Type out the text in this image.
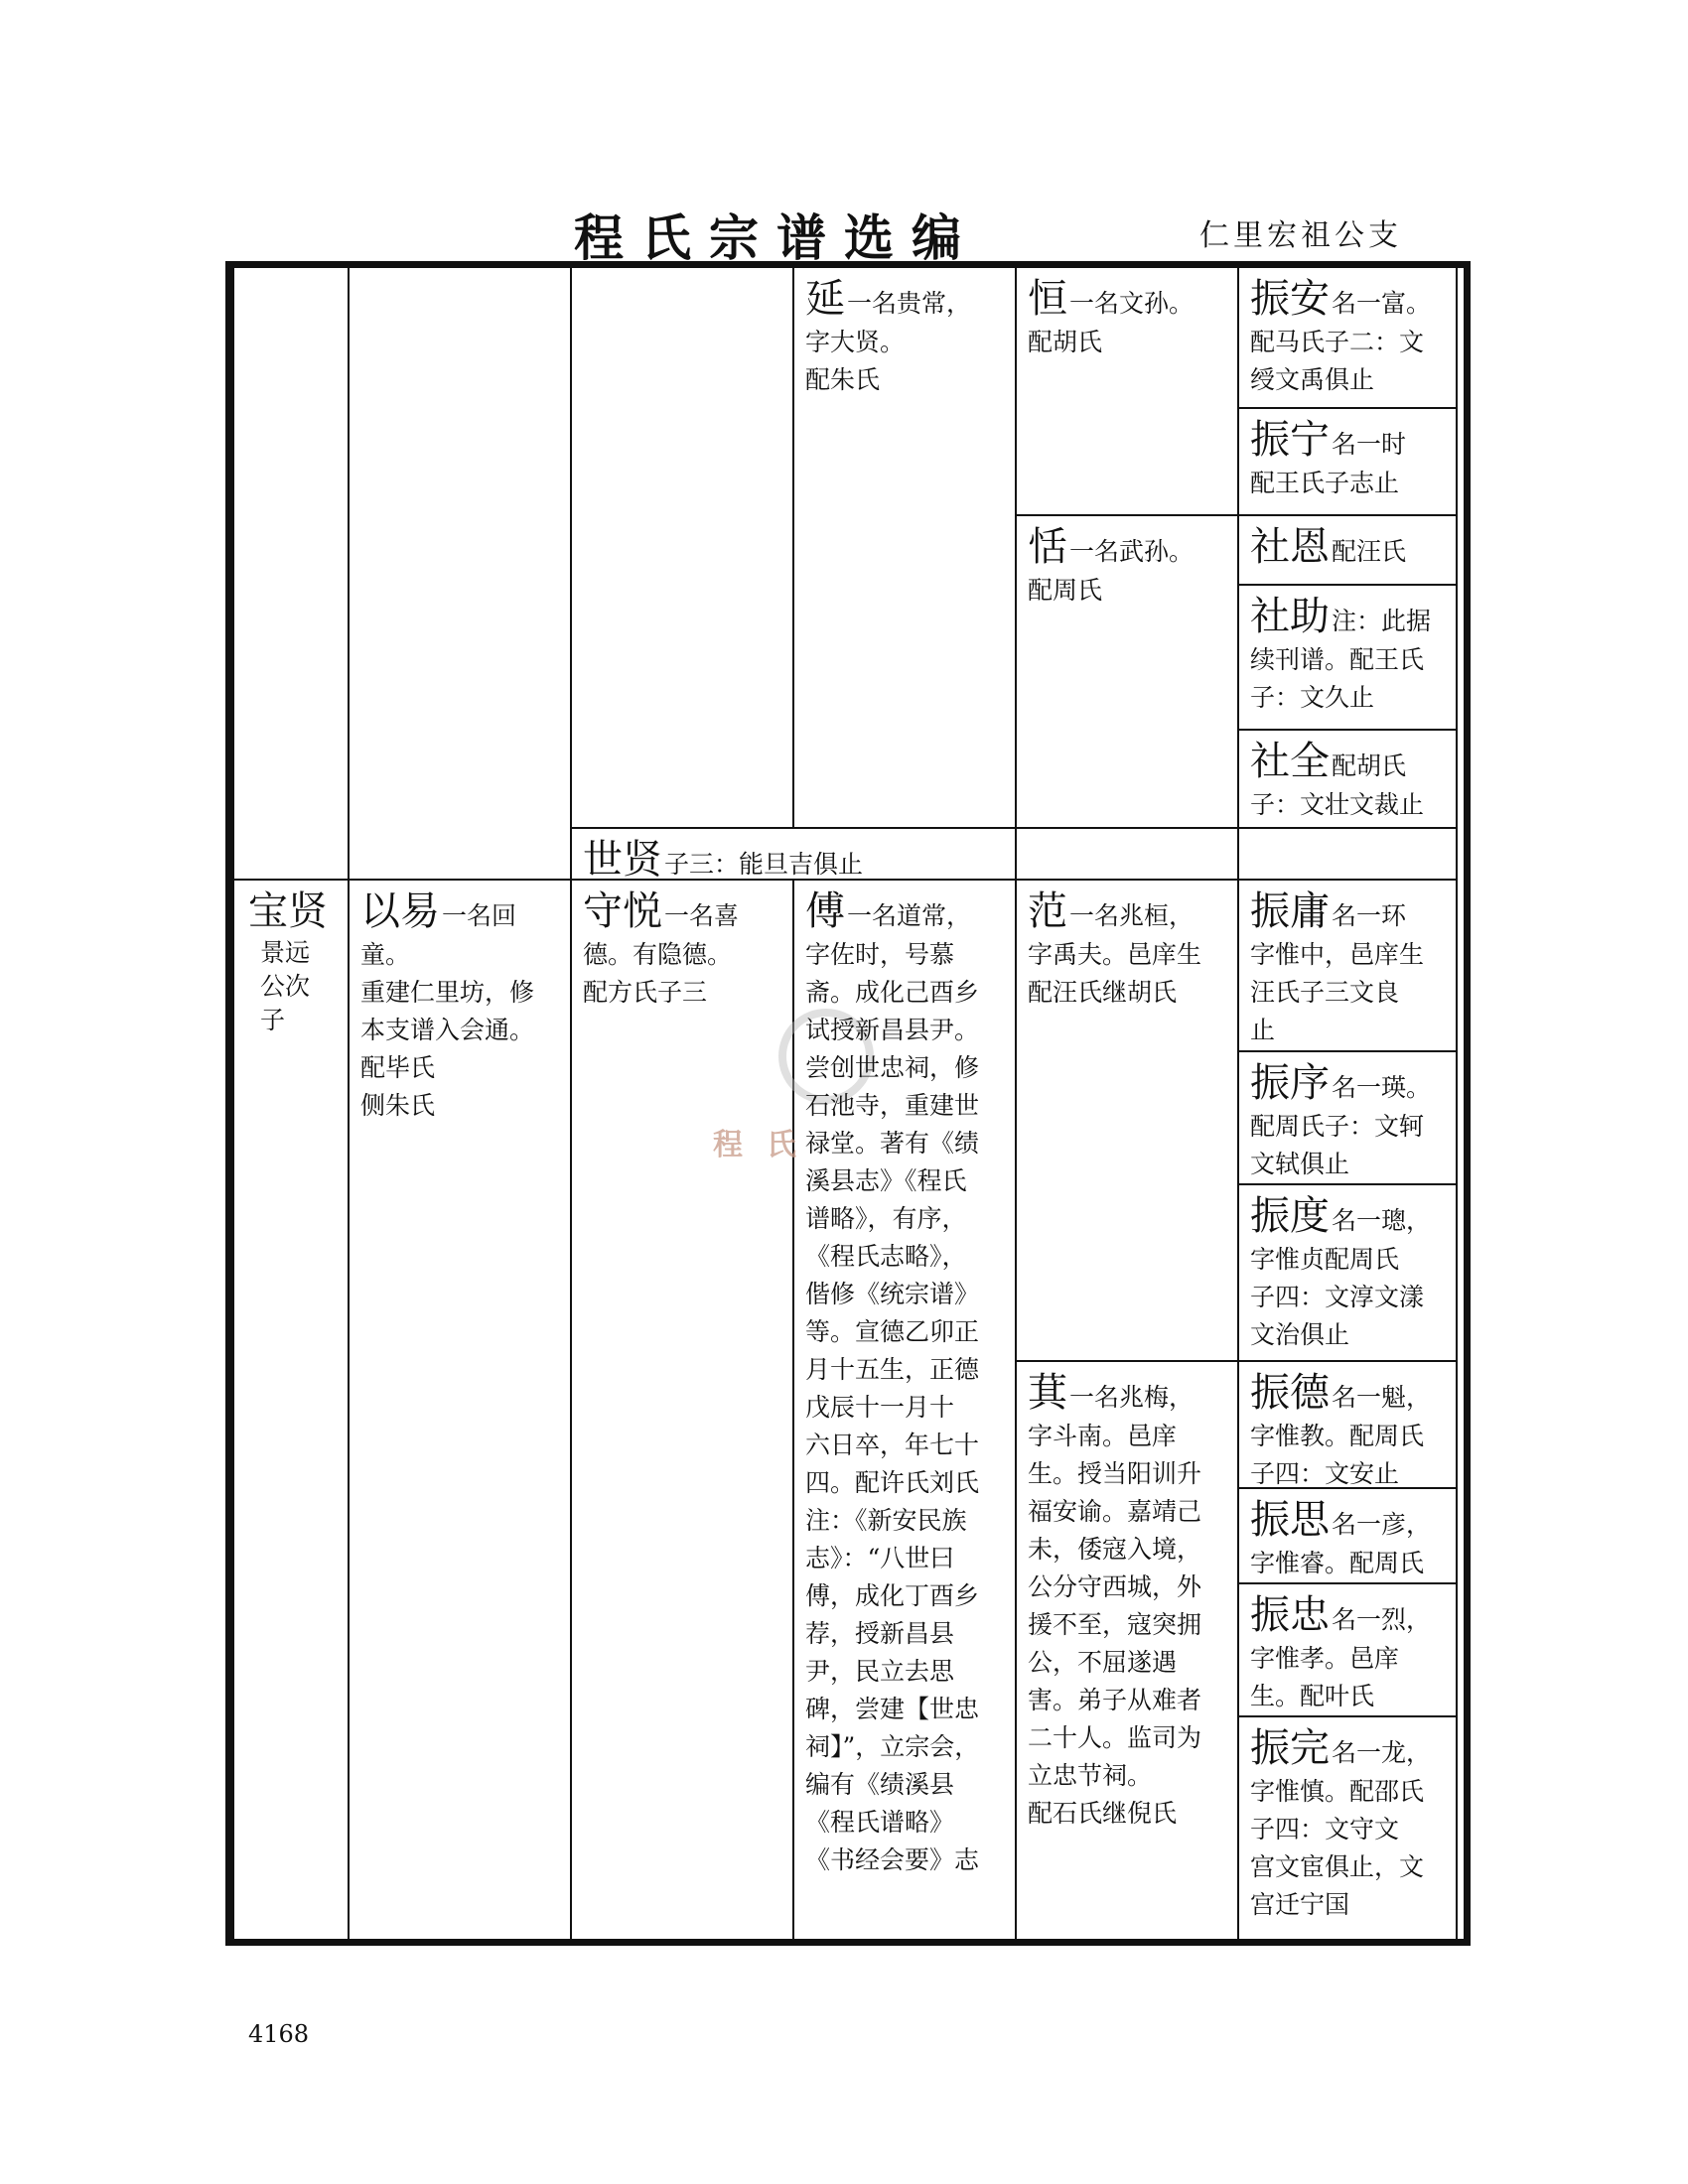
程氏宗谱选编	仁里宏祖公支
程氏
延一名贵常，
字大贤。
配朱氏
恒一名文孙。
配胡氏
振安名一富。
配马氏子二：文
绶文禹俱止
振宁名一时
配王氏子志止
恬一名武孙。
配周氏
社恩配汪氏
社助注：此据
续刊谱。配王氏
子：文久止
社全配胡氏
子：文壮文裁止
世贤子三：能旦吉俱止
宝贤
景远
公次
子
以易一名回
童。
重建仁里坊，修
本支谱入会通。
配毕氏
侧朱氏
守悦一名喜
德。有隐德。
配方氏子三
傅一名道常，
字佐时，号慕
斋。成化己酉乡
试授新昌县尹。
尝创世忠祠，修
石池寺，重建世
禄堂。著有《绩
溪县志》《程氏
谱略》，有序，
《程氏志略》，
偕修《统宗谱》
等。宣德乙卯正
月十五生，正德
戊辰十一月十
六日卒，年七十
四。配许氏刘氏
注：《新安民族
志》：“八世曰
傅，成化丁酉乡
荐，授新昌县
尹，民立去思
碑，尝建【世忠
祠】”，立宗会，
编有《绩溪县
《程氏谱略》
《书经会要》志
范一名兆桓，
字禹夫。邑庠生
配汪氏继胡氏
振庸名一环
字惟中，邑庠生
汪氏子三文良
止
振序名一瑛。
配周氏子：文轲
文轼俱止
振度名一璁，
字惟贞配周氏
子四：文淳文漾
文治俱止
萁一名兆梅，
字斗南。邑庠
生。授当阳训升
福安谕。嘉靖己
未，倭寇入境，
公分守西城，外
援不至，寇突拥
公，不屈遂遇
害。弟子从难者
二十人。监司为
立忠节祠。
配石氏继倪氏
振德名一魁，
字惟教。配周氏
子四：文安止
振思名一彦，
字惟睿。配周氏
振忠名一烈，
字惟孝。邑庠
生。配叶氏
振完名一龙，
字惟慎。配邵氏
子四：文守文
宫文宦俱止，文
宫迁宁国
4168
